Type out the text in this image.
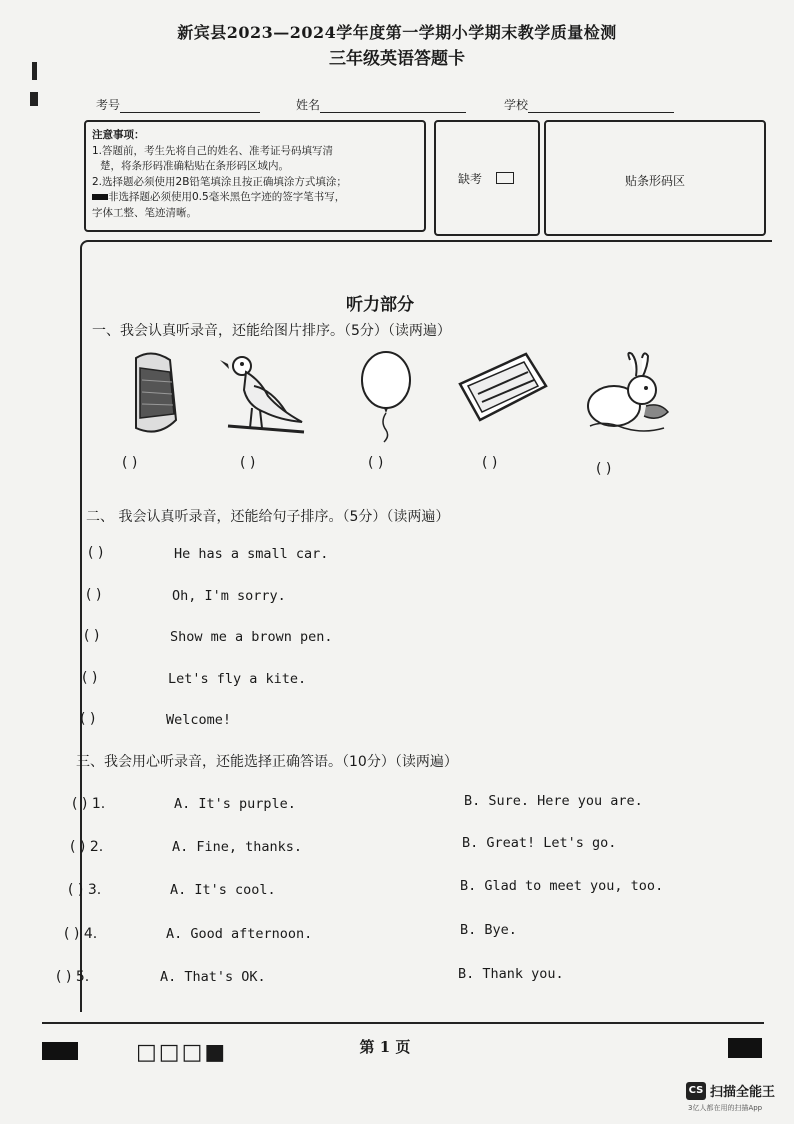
新宾县2023—2024学年度第一学期小学期末教学质量检测
三年级英语答题卡
考号	姓名	学校
注意事项：
1.答题前，考生先将自己的姓名、准考证号码填写清
楚，将条形码准确粘贴在条形码区域内。
2.选择题必须使用2B铅笔填涂且按正确填涂方式填涂；
非选择题必须使用0.5毫米黑色字迹的签字笔书写，
字体工整、笔迹清晰。
缺考	贴条形码区
听力部分
一、我会认真听录音，还能给图片排序。（5分）（读两遍）
( )	( )	( )	( )	( )
二、 我会认真听录音，还能给句子排序。（5分）（读两遍）
( )	He has a small car.
( )	Oh, I'm sorry.
( )	Show me a brown pen.
( )	Let's fly a kite.
( )	Welcome!
三、我会用心听录音，还能选择正确答语。（10分）（读两遍）
( ) 1.	A. It's purple.	B. Sure. Here you are.
( ) 2.	A. Fine, thanks.	B. Great! Let's go.
( ) 3.	A. It's cool.	B. Glad to meet you, too.
( ) 4.	A. Good afternoon.	B. Bye.
( ) 5.	A. That's OK.	B. Thank you.
□□□■	第 1 页
CS 扫描全能王
3亿人都在用的扫描App
